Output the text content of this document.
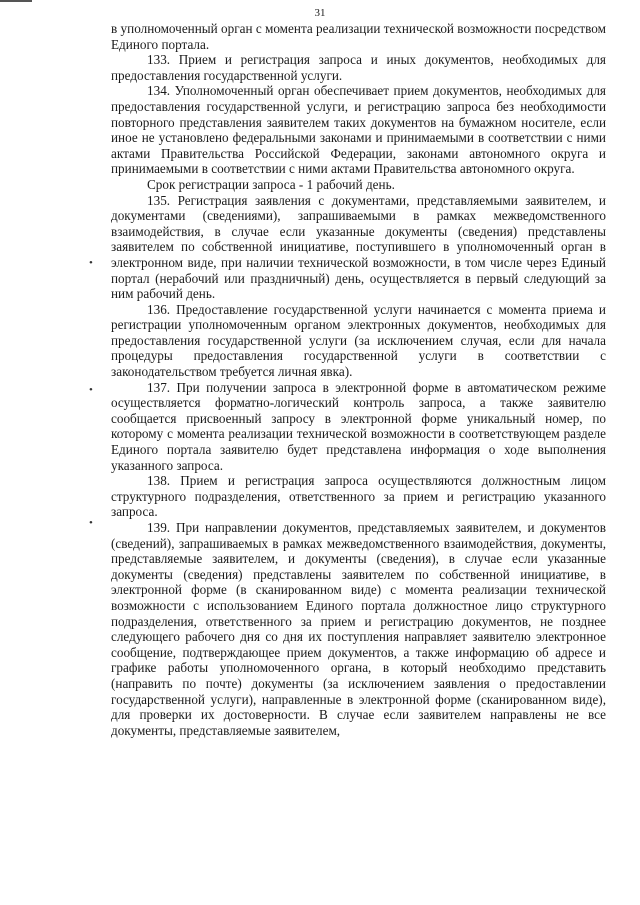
31
•
•
•

в уполномоченный орган с момента реализации технической возможности посредством Единого портала.

133. Прием и регистрация запроса и иных документов, необходимых для предоставления государственной услуги.

134. Уполномоченный орган обеспечивает прием документов, необходимых для предоставления государственной услуги, и регистрацию запроса без необходимости повторного представления заявителем таких документов на бумажном носителе, если иное не установлено федеральными законами и принимаемыми в соответствии с ними актами Правительства Российской Федерации, законами автономного округа и принимаемыми в соответствии с ними актами Правительства автономного округа.

Срок регистрации запроса - 1 рабочий день.

135. Регистрация заявления с документами, представляемыми заявителем, и документами (сведениями), запрашиваемыми в рамках межведомственного взаимодействия, в случае если указанные документы (сведения) представлены заявителем по собственной инициативе, поступившего в уполномоченный орган в электронном виде, при наличии технической возможности, в том числе через Единый портал (нерабочий или праздничный) день, осуществляется в первый следующий за ним рабочий день.

136. Предоставление государственной услуги начинается с момента приема и регистрации уполномоченным органом электронных документов, необходимых для предоставления государственной услуги (за исключением случая, если для начала процедуры предоставления государственной услуги в соответствии с законодательством требуется личная явка).

137. При получении запроса в электронной форме в автоматическом режиме осуществляется форматно-логический контроль запроса, а также заявителю сообщается присвоенный запросу в электронной форме уникальный номер, по которому с момента реализации технической возможности в соответствующем разделе Единого портала заявителю будет представлена информация о ходе выполнения указанного запроса.

138. Прием и регистрация запроса осуществляются должностным лицом структурного подразделения, ответственного за прием и регистрацию указанного запроса.

139. При направлении документов, представляемых заявителем, и документов (сведений), запрашиваемых в рамках межведомственного взаимодействия, документы, представляемые заявителем, и документы (сведения), в случае если указанные документы (сведения) представлены заявителем по собственной инициативе, в электронной форме (в сканированном виде) с момента реализации технической возможности с использованием Единого портала должностное лицо структурного подразделения, ответственного за прием и регистрацию документов, не позднее следующего рабочего дня со дня их поступления направляет заявителю электронное сообщение, подтверждающее прием документов, а также информацию об адресе и графике работы уполномоченного органа, в который необходимо представить (направить по почте) документы (за исключением заявления о предоставлении государственной услуги), направленные в электронной форме (сканированном виде), для проверки их достоверности. В случае если заявителем направлены не все документы, представляемые заявителем,
